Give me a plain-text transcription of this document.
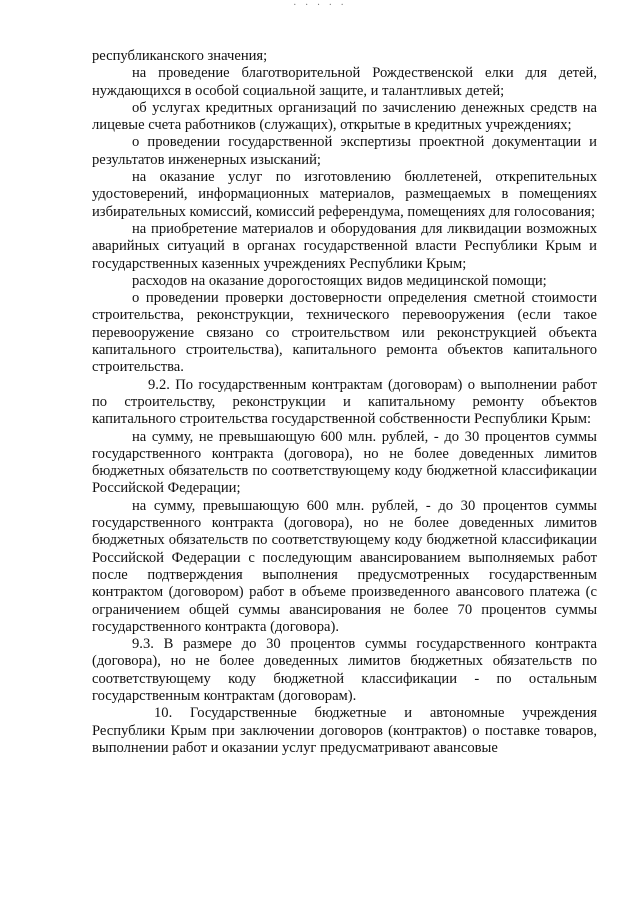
· · · · ·

республиканского значения;

на проведение благотворительной Рождественской елки для детей, нуждающихся в особой социальной защите, и талантливых детей;

об услугах кредитных организаций по зачислению денежных средств на лицевые счета работников (служащих), открытые в кредитных учреждениях;

о проведении государственной экспертизы проектной документации и результатов инженерных изысканий;

на оказание услуг по изготовлению бюллетеней, открепительных удостоверений, информационных материалов, размещаемых в помещениях избирательных комиссий, комиссий референдума, помещениях для голосования;

на приобретение материалов и оборудования для ликвидации возможных аварийных ситуаций в органах государственной власти Республики Крым и государственных казенных учреждениях Республики Крым;

расходов на оказание дорогостоящих видов медицинской помощи;

о проведении проверки достоверности определения сметной стоимости строительства, реконструкции, технического перевооружения (если такое перевооружение связано со строительством или реконструкцией объекта капитального строительства), капитального ремонта объектов капитального строительства.

9.2. По государственным контрактам (договорам) о выполнении работ по строительству, реконструкции и капитальному ремонту объектов капитального строительства государственной собственности Республики Крым:

на сумму, не превышающую 600 млн. рублей, - до 30 процентов суммы государственного контракта (договора), но не более доведенных лимитов бюджетных обязательств по соответствующему коду бюджетной классификации Российской Федерации;

на сумму, превышающую 600 млн. рублей, - до 30 процентов суммы государственного контракта (договора), но не более доведенных лимитов бюджетных обязательств по соответствующему коду бюджетной классификации Российской Федерации с последующим авансированием выполняемых работ после подтверждения выполнения предусмотренных государственным контрактом (договором) работ в объеме произведенного авансового платежа (с ограничением общей суммы авансирования не более 70 процентов суммы государственного контракта (договора).

9.3. В размере до 30 процентов суммы государственного контракта (договора), но не более доведенных лимитов бюджетных обязательств по соответствующему коду бюджетной классификации - по остальным государственным контрактам (договорам).

10. Государственные бюджетные и автономные учреждения Республики Крым при заключении договоров (контрактов) о поставке товаров, выполнении работ и оказании услуг предусматривают авансовые
